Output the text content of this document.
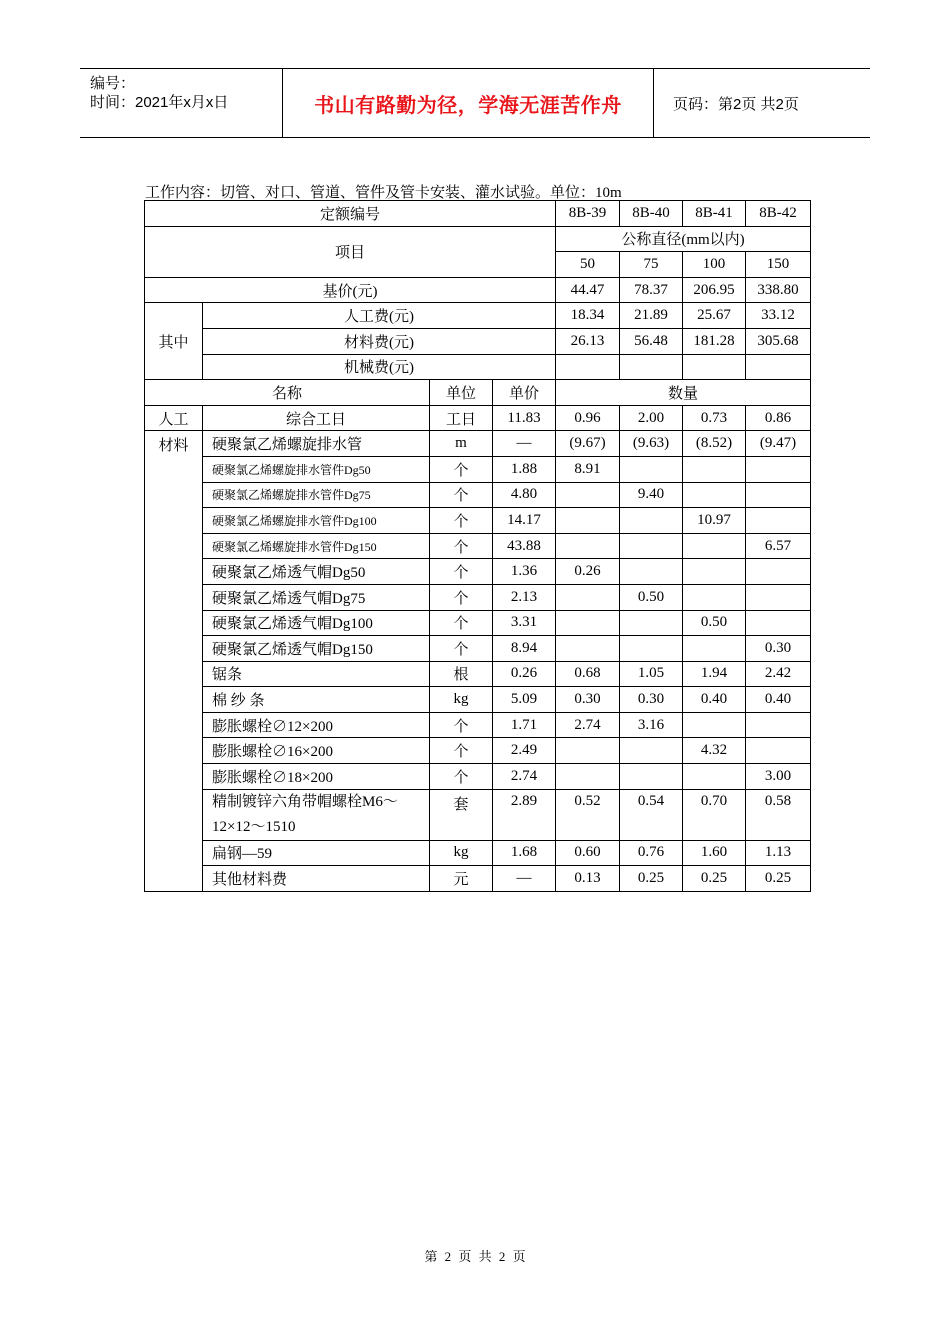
编号：
时间：2021年x月x日	书山有路勤为径，学海无涯苦作舟	页码：第2页 共2页
工作内容：切管、对口、管道、管件及管卡安装、灌水试验。单位：10m
定额编号				8B-39	8B-40	8B-41	8B-42
项目				公称直径(mm以内)			
				50	75	100	150
基价(元)				44.47	78.37	206.95	338.80
其中	人工费(元)			18.34	21.89	25.67	33.12
	材料费(元)			26.13	56.48	181.28	305.68
	机械费(元)						
名称		单位	单价	数量			
人工	综合工日	工日	11.83	0.96	2.00	0.73	0.86
材料	硬聚氯乙烯螺旋排水管	m	—	(9.67)	(9.63)	(8.52)	(9.47)
	硬聚氯乙烯螺旋排水管件Dg50	个	1.88	8.91			
	硬聚氯乙烯螺旋排水管件Dg75	个	4.80		9.40		
	硬聚氯乙烯螺旋排水管件Dg100	个	14.17			10.97	
	硬聚氯乙烯螺旋排水管件Dg150	个	43.88				6.57
	硬聚氯乙烯透气帽Dg50	个	1.36	0.26			
	硬聚氯乙烯透气帽Dg75	个	2.13		0.50		
	硬聚氯乙烯透气帽Dg100	个	3.31			0.50	
	硬聚氯乙烯透气帽Dg150	个	8.94				0.30
	锯条	根	0.26	0.68	1.05	1.94	2.42
	棉 纱 条	kg	5.09	0.30	0.30	0.40	0.40
	膨胀螺栓∅12×200	个	1.71	2.74	3.16		
	膨胀螺栓∅16×200	个	2.49			4.32	
	膨胀螺栓∅18×200	个	2.74				3.00
	精制镀锌六角带帽螺栓M6～12×12～1510	套	2.89	0.52	0.54	0.70	0.58
	扁钢—59	kg	1.68	0.60	0.76	1.60	1.13
	其他材料费	元	—	0.13	0.25	0.25	0.25
第 2 页 共 2 页
